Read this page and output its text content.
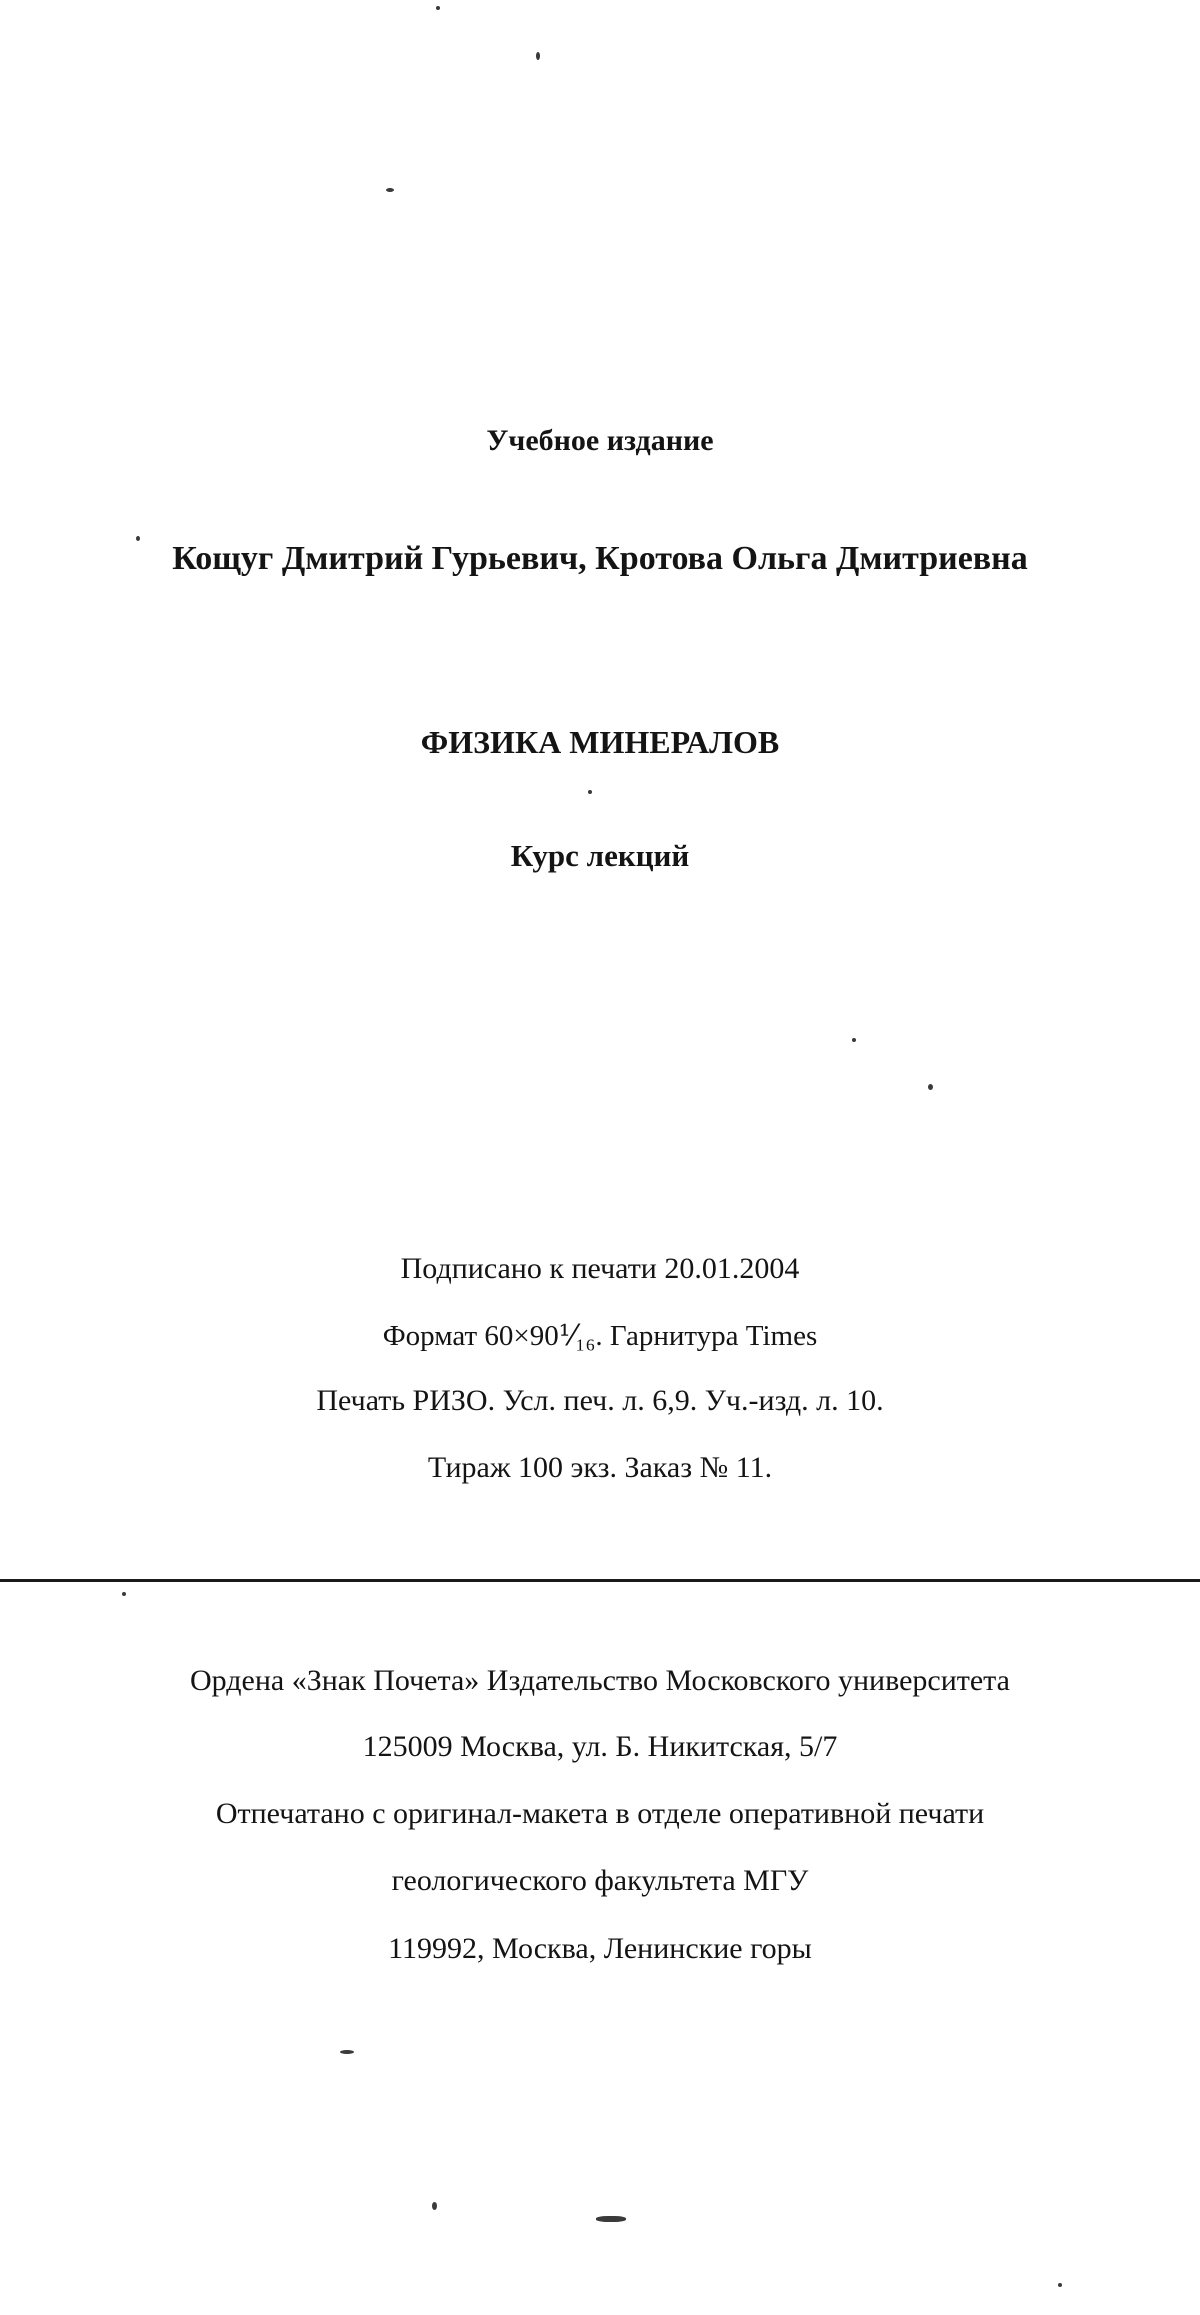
Учебное издание
Кощуг Дмитрий Гурьевич, Кротова Ольга Дмитриевна
ФИЗИКА МИНЕРАЛОВ
Курс лекций
Подписано к печати 20.01.2004
Формат 60×90⅟₁₆. Гарнитура Times
Печать РИЗО. Усл. печ. л. 6,9. Уч.-изд. л. 10.
Тираж 100 экз. Заказ № 11.
Ордена «Знак Почета» Издательство Московского университета
125009 Москва, ул. Б. Никитская, 5/7
Отпечатано с оригинал-макета в отделе оперативной печати
геологического факультета МГУ
119992, Москва, Ленинские горы
